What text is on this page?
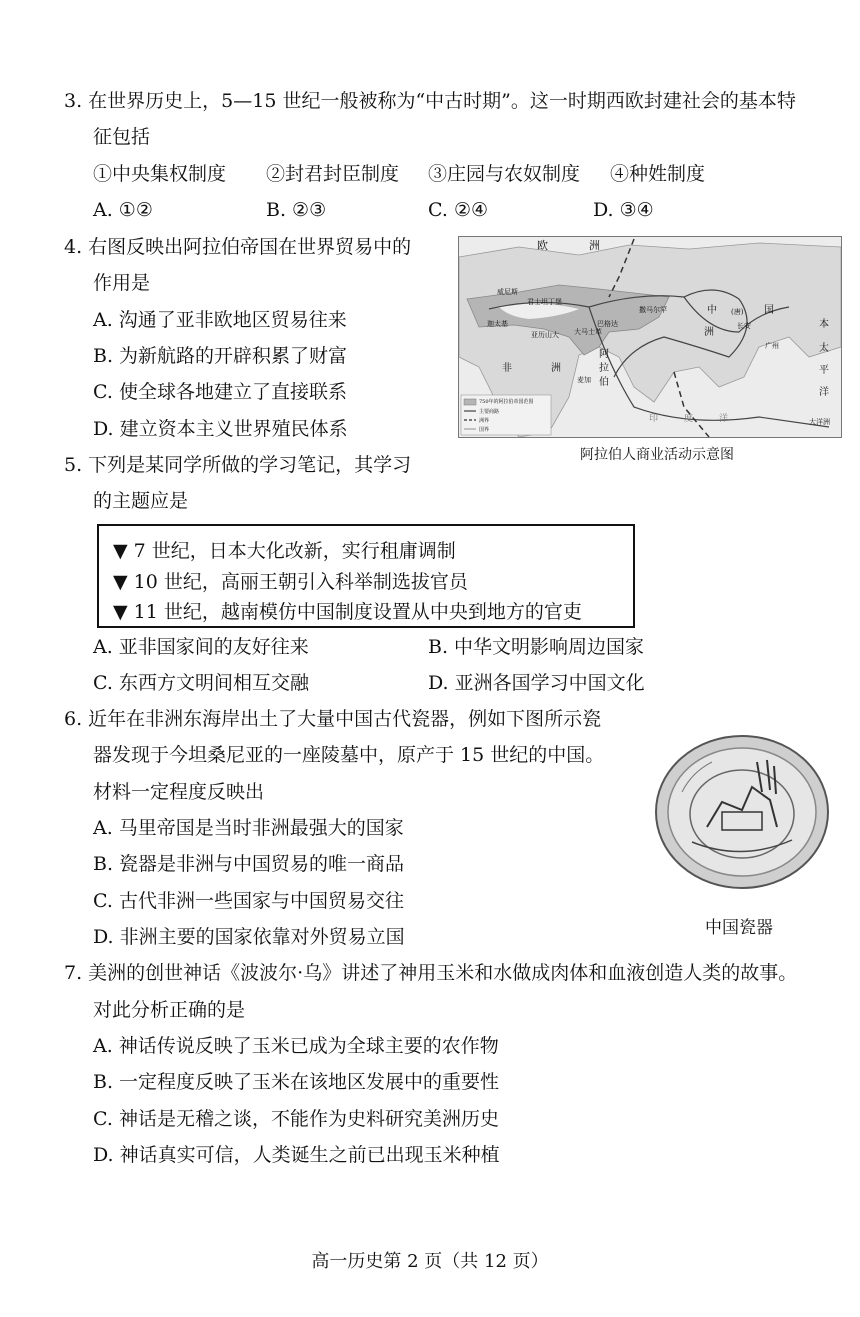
3. 在世界历史上，5—15 世纪一般被称为“中古时期”。这一时期西欧封建社会的基本特
征包括
①中央集权制度 ②封君封臣制度 ③庄园与农奴制度 ④种姓制度
A. ①②	B. ②③	C. ②④	D. ③④
4. 右图反映出阿拉伯帝国在世界贸易中的
作用是
A. 沟通了亚非欧地区贸易往来
B. 为新航路的开辟积累了财富
C. 使全球各地建立了直接联系
D. 建立资本主义世界殖民体系
欧	洲
威尼斯
君士坦丁堡
迦太基
亚历山大
巴格达
大马士革
撒马尔罕
阿
拉
伯
麦加
非	洲
中	国
洲
(唐)
长安
广州
本
太
平
洋
印	度	洋	大洋洲
750年的阿拉伯帝国范围
主要商路
洲界
国界
阿拉伯人商业活动示意图
5. 下列是某同学所做的学习笔记，其学习
的主题应是
▼ 7 世纪，日本大化改新，实行租庸调制
▼ 10 世纪，高丽王朝引入科举制选拔官员
▼ 11 世纪，越南模仿中国制度设置从中央到地方的官吏
A. 亚非国家间的友好往来	B. 中华文明影响周边国家
C. 东西方文明间相互交融	D. 亚洲各国学习中国文化
6. 近年在非洲东海岸出土了大量中国古代瓷器，例如下图所示瓷
器发现于今坦桑尼亚的一座陵墓中，原产于 15 世纪的中国。
材料一定程度反映出
A. 马里帝国是当时非洲最强大的国家
B. 瓷器是非洲与中国贸易的唯一商品
C. 古代非洲一些国家与中国贸易交往
D. 非洲主要的国家依靠对外贸易立国	中国瓷器
7. 美洲的创世神话《波波尔·乌》讲述了神用玉米和水做成肉体和血液创造人类的故事。
对此分析正确的是
A. 神话传说反映了玉米已成为全球主要的农作物
B. 一定程度反映了玉米在该地区发展中的重要性
C. 神话是无稽之谈，不能作为史料研究美洲历史
D. 神话真实可信，人类诞生之前已出现玉米种植
高一历史第 2 页（共 12 页）
